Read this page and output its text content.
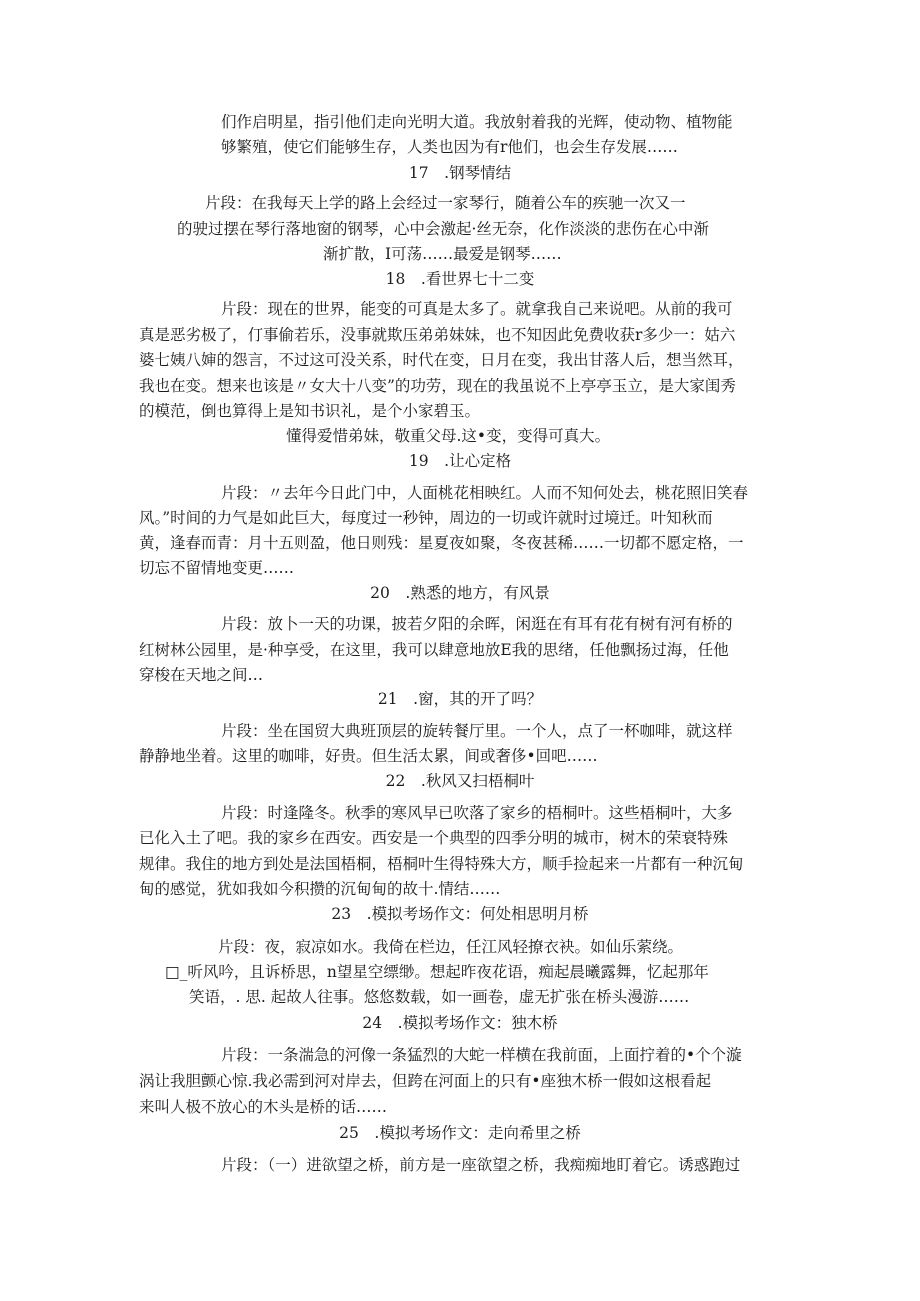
们作启明星，指引他们走向光明大道。我放射着我的光辉，使动物、植物能
够繁殖，使它们能够生存，人类也因为有r他们，也会生存发展……
17　.钢琴情结
片段：在我每天上学的路上会经过一家琴行，随着公车的疾驰一次又一
的驶过摆在琴行落地窗的钢琴，心中会激起·丝无奈，化作淡淡的悲伤在心中渐
渐扩散，I可荡……最爱是钢琴……
18　.看世界七十二变
片段：现在的世界，能变的可真是太多了。就拿我自己来说吧。从前的我可
真是恶劣极了，仃事偷若乐，没事就欺压弟弟妹妹，也不知因此免费收获r多少一：姑六
婆七姨八婶的怨言，不过这可没关系，时代在变，日月在变，我出甘落人后，想当然耳，
我也在变。想来也该是〃女大十八变”的功劳，现在的我虽说不上亭亭玉立，是大家闺秀
的模范，倒也算得上是知书识礼，是个小家碧玉。
懂得爱惜弟妹，敬重父母.这•变，变得可真大。
19　.让心定格
片段：〃去年今日此门中，人面桃花相映红。人而不知何处去，桃花照旧笑春
风。”时间的力气是如此巨大，每度过一秒钟，周边的一切或许就时过境迁。叶知秋而
黄，逢春而青：月十五则盈，他日则残：星夏夜如聚，冬夜甚稀……一切都不愿定格，一
切忘不留情地变更……
20　.熟悉的地方，有风景
片段：放卜一天的功课，披若夕阳的余晖，闲逛在有耳有花有树有河有桥的
红树林公园里，是·种享受，在这里，我可以肆意地放E我的思绪，任他飘扬过海，任他
穿梭在天地之间…
21　.窗，其的开了吗？
片段：坐在国贸大典班顶层的旋转餐厅里。一个人，点了一杯咖啡，就这样
静静地坐着。这里的咖啡，好贵。但生活太累，间或奢侈•回吧……
22　.秋风又扫梧桐叶
片段：时逢隆冬。秋季的寒风早已吹落了家乡的梧桐叶。这些梧桐叶，大多
已化入土了吧。我的家乡在西安。西安是一个典型的四季分明的城市，树木的荣衰特殊
规律。我住的地方到处是法国梧桐，梧桐叶生得特殊大方，顺手捡起来一片都有一种沉甸
甸的感觉，犹如我如今积攒的沉甸甸的故十.情结……
23　.模拟考场作文：何处相思明月桥
片段：夜，寂凉如水。我倚在栏边，任江风轻撩衣袂。如仙乐萦绕。
□_听风吟，且诉桥思，n望星空缥缈。想起昨夜花语，痴起晨曦露舞，忆起那年
笑语，. 思. 起故人往事。悠悠数载，如一画卷，虚无扩张在桥头漫游……
24　.模拟考场作文：独木桥
片段：一条湍急的河像一条猛烈的大蛇一样横在我前面，上面拧着的•个个漩
涡让我胆颤心惊.我必需到河对岸去，但跨在河面上的只有•座独木桥一假如这根看起
来叫人极不放心的木头是桥的话……
25　.模拟考场作文：走向希里之桥
片段：（一）进欲望之桥，前方是一座欲望之桥，我痴痴地盯着它。诱惑跑过
